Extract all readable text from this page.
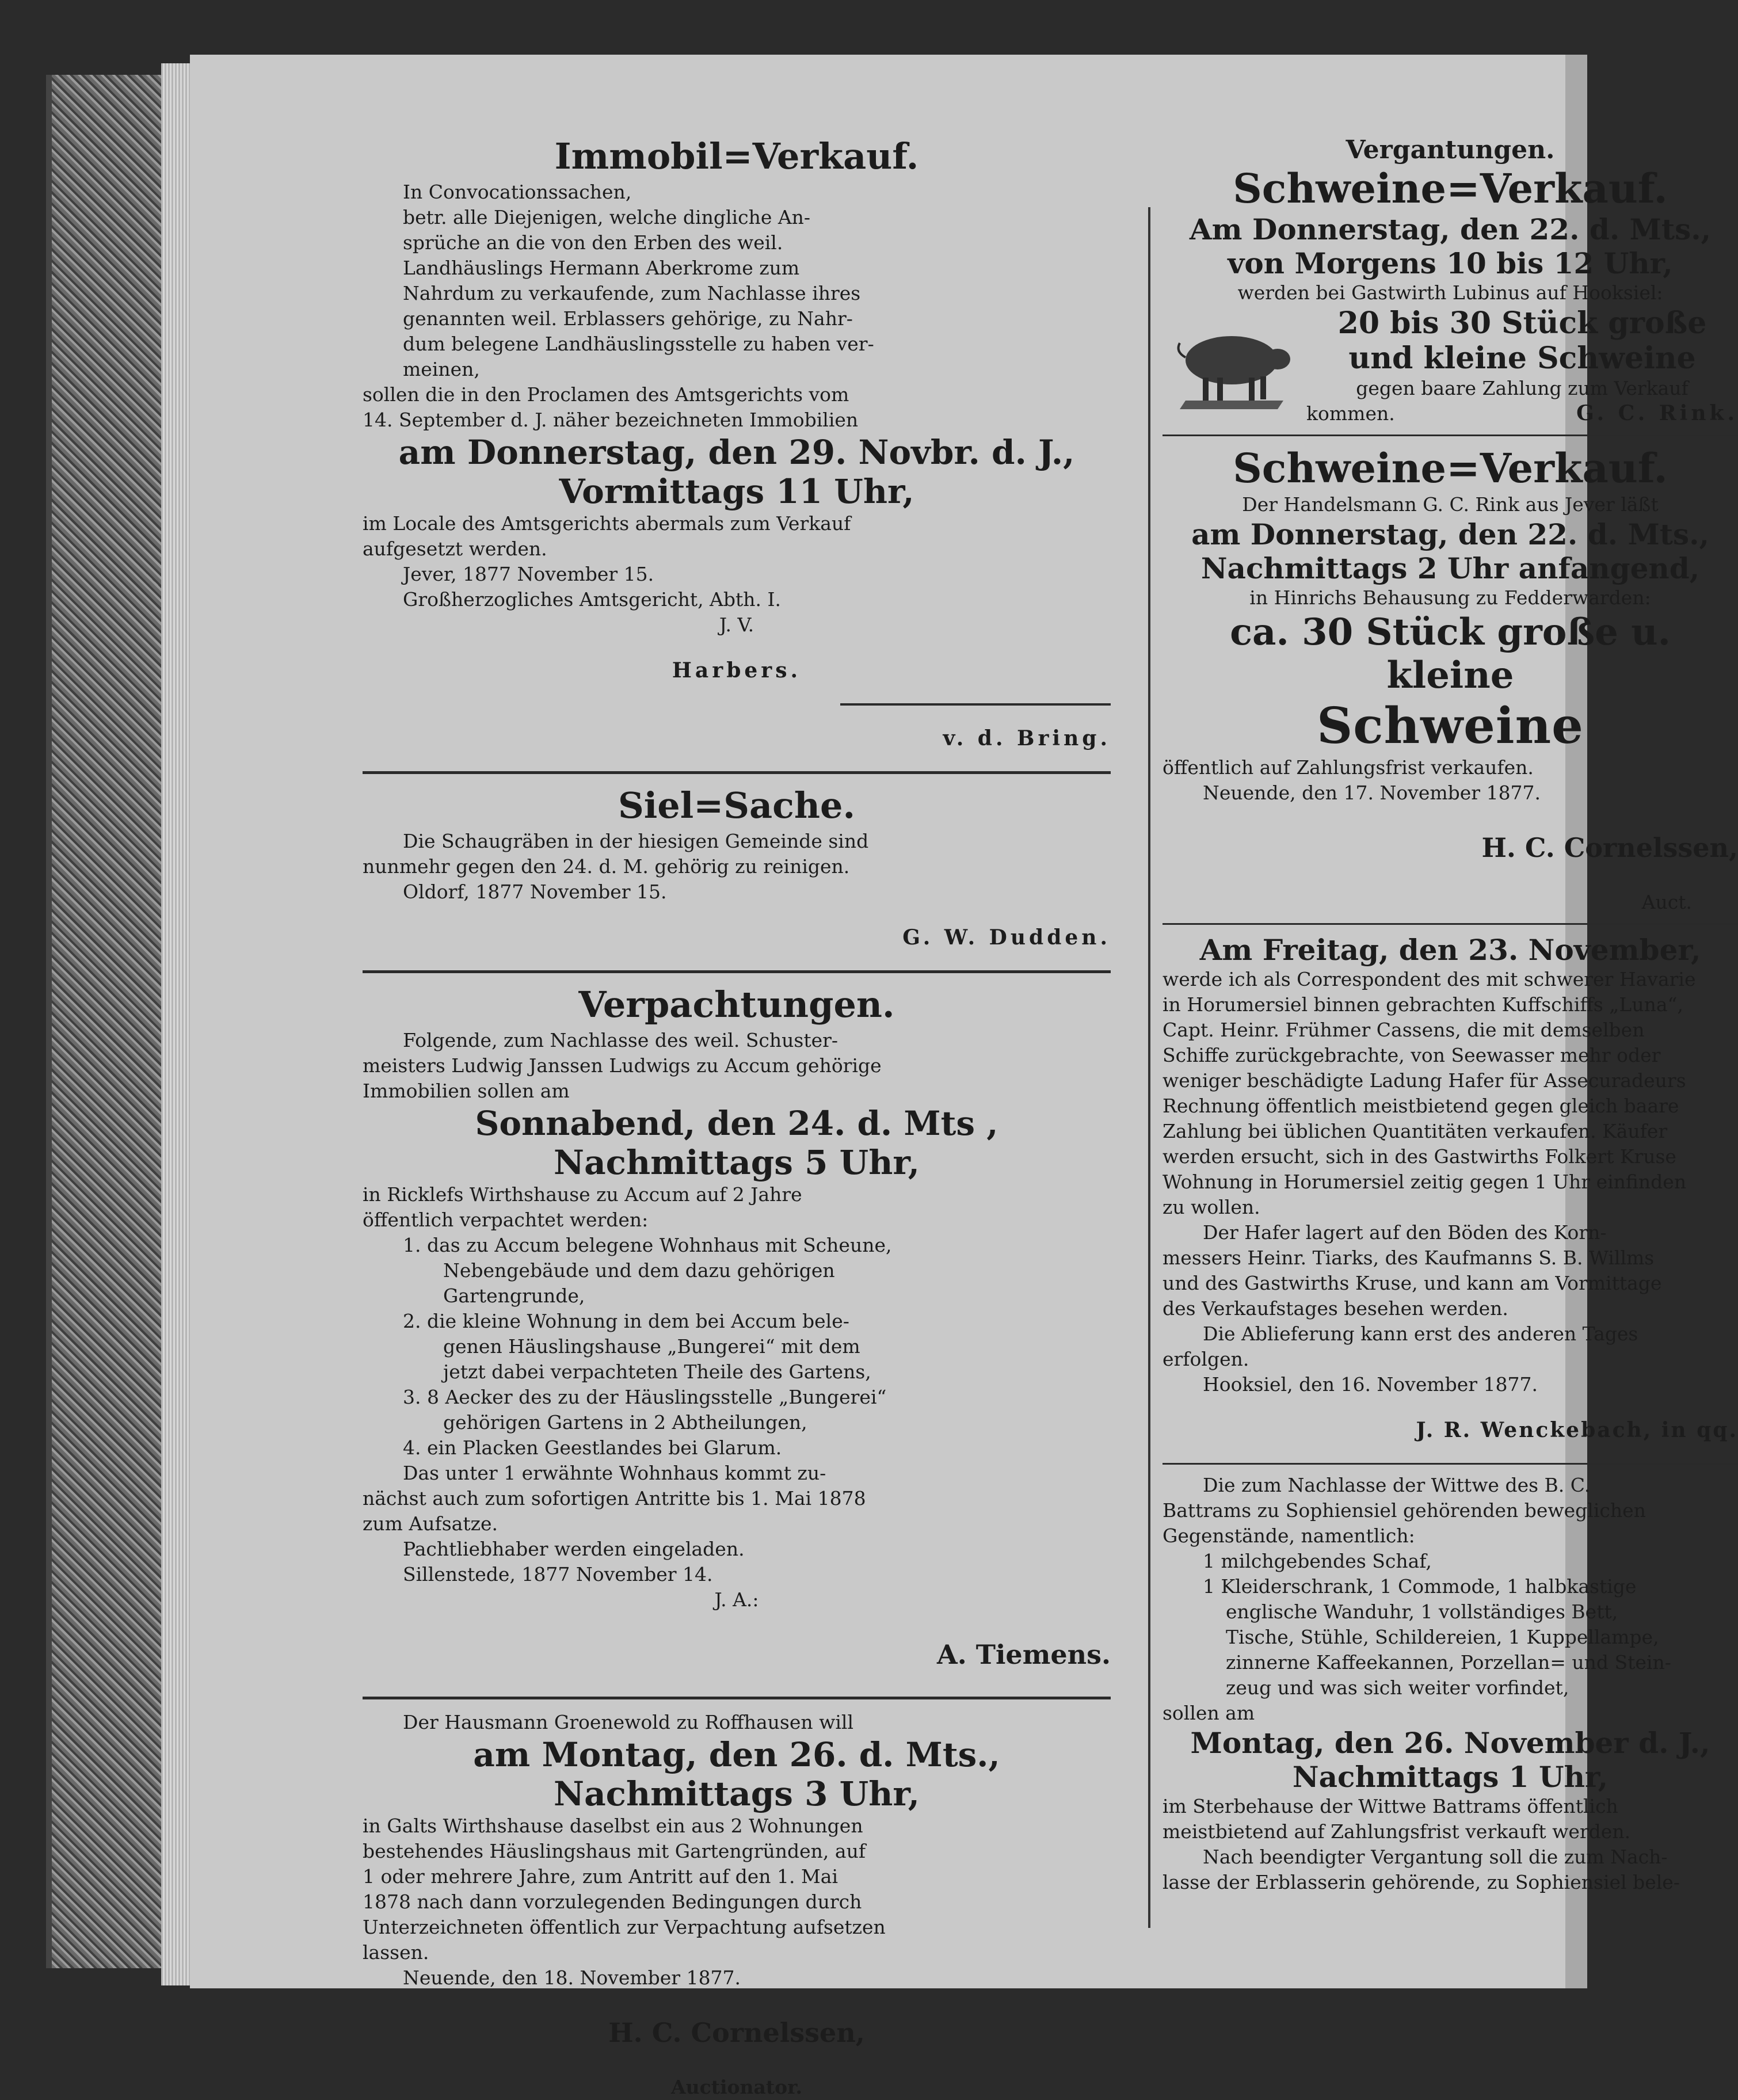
Immobil=Verkauf.

In Convocationssachen,

betr. alle Diejenigen, welche dingliche An-

sprüche an die von den Erben des weil.

Landhäuslings Hermann Aberkrome zum

Nahrdum zu verkaufende, zum Nachlasse ihres

genannten weil. Erblassers gehörige, zu Nahr-

dum belegene Landhäuslingsstelle zu haben ver-

meinen,

sollen die in den Proclamen des Amtsgerichts vom

14. September d. J. näher bezeichneten Immobilien

am Donnerstag, den 29. Novbr. d. J.,
Vormittags 11 Uhr,

im Locale des Amtsgerichts abermals zum Verkauf

aufgesetzt werden.

Jever, 1877 November 15.

Großherzogliches Amtsgericht, Abth. I.

J. V.

Harbers.

v. d. Bring.

Siel=Sache.

Die Schaugräben in der hiesigen Gemeinde sind

nunmehr gegen den 24. d. M. gehörig zu reinigen.

Oldorf, 1877 November 15.

G. W. Dudden.

Verpachtungen.

Folgende, zum Nachlasse des weil. Schuster-

meisters Ludwig Janssen Ludwigs zu Accum gehörige

Immobilien sollen am

Sonnabend, den 24. d. Mts ,
Nachmittags 5 Uhr,

in Ricklefs Wirthshause zu Accum auf 2 Jahre

öffentlich verpachtet werden:

1. das zu Accum belegene Wohnhaus mit Scheune,

Nebengebäude und dem dazu gehörigen

Gartengrunde,

2. die kleine Wohnung in dem bei Accum bele-

genen Häuslingshause „Bungerei“ mit dem

jetzt dabei verpachteten Theile des Gartens,

3. 8 Aecker des zu der Häuslingsstelle „Bungerei“

gehörigen Gartens in 2 Abtheilungen,

4. ein Placken Geestlandes bei Glarum.

Das unter 1 erwähnte Wohnhaus kommt zu-

nächst auch zum sofortigen Antritte bis 1. Mai 1878

zum Aufsatze.

Pachtliebhaber werden eingeladen.

Sillenstede, 1877 November 14.

J. A.:

A. Tiemens.

Der Hausmann Groenewold zu Roffhausen will

am Montag, den 26. d. Mts.,
Nachmittags 3 Uhr,

in Galts Wirthshause daselbst ein aus 2 Wohnungen

bestehendes Häuslingshaus mit Gartengründen, auf

1 oder mehrere Jahre, zum Antritt auf den 1. Mai

1878 nach dann vorzulegenden Bedingungen durch

Unterzeichneten öffentlich zur Verpachtung aufsetzen

lassen.

Neuende, den 18. November 1877.

H. C. Cornelssen,

Auctionator.

Vergantungen.
Schweine=Verkauf.
Am Donnerstag, den 22. d. Mts.,
von Morgens 10 bis 12 Uhr,

werden bei Gastwirth Lubinus auf Hooksiel:

20 bis 30 Stück große
und kleine Schweine

gegen baare Zahlung zum Verkauf

kommen.	G. C. Rink.
Schweine=Verkauf.

Der Handelsmann G. C. Rink aus Jever läßt

am Donnerstag, den 22. d. Mts.,
Nachmittags 2 Uhr anfangend,

in Hinrichs Behausung zu Fedderwarden:

ca. 30 Stück große u. kleine
Schweine

öffentlich auf Zahlungsfrist verkaufen.

Neuende, den 17. November 1877.

H. C. Cornelssen,

Auct.

Am Freitag, den 23. November,

werde ich als Correspondent des mit schwerer Havarie

in Horumersiel binnen gebrachten Kuffschiffs „Luna“,

Capt. Heinr. Frühmer Cassens, die mit demselben

Schiffe zurückgebrachte, von Seewasser mehr oder

weniger beschädigte Ladung Hafer für Assecuradeurs

Rechnung öffentlich meistbietend gegen gleich baare

Zahlung bei üblichen Quantitäten verkaufen. Käufer

werden ersucht, sich in des Gastwirths Folkert Kruse

Wohnung in Horumersiel zeitig gegen 1 Uhr einfinden

zu wollen.

Der Hafer lagert auf den Böden des Korn-

messers Heinr. Tiarks, des Kaufmanns S. B. Willms

und des Gastwirths Kruse, und kann am Vormittage

des Verkaufstages besehen werden.

Die Ablieferung kann erst des anderen Tages

erfolgen.

Hooksiel, den 16. November 1877.

J. R. Wenckebach, in qq.

Die zum Nachlasse der Wittwe des B. C.

Battrams zu Sophiensiel gehörenden beweglichen

Gegenstände, namentlich:

1 milchgebendes Schaf,

1 Kleiderschrank, 1 Commode, 1 halbkastige

englische Wanduhr, 1 vollständiges Bett,

Tische, Stühle, Schildereien, 1 Kuppellampe,

zinnerne Kaffeekannen, Porzellan= und Stein-

zeug und was sich weiter vorfindet,

sollen am

Montag, den 26. November d. J.,
Nachmittags 1 Uhr,

im Sterbehause der Wittwe Battrams öffentlich

meistbietend auf Zahlungsfrist verkauft werden.

Nach beendigter Vergantung soll die zum Nach-

lasse der Erblasserin gehörende, zu Sophiensiel bele-
